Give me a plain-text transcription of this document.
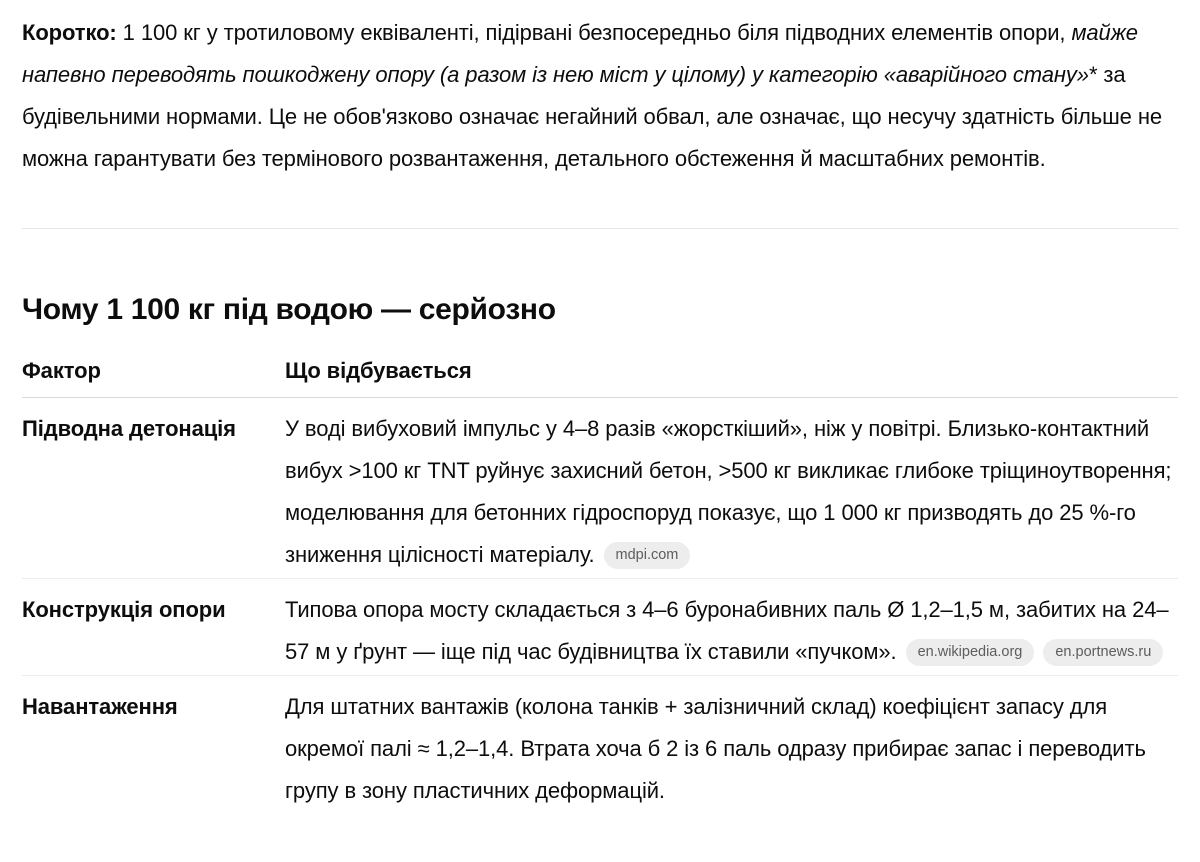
Коротко: 1 100 кг у тротиловому еквіваленті, підірвані безпосередньо біля підводних елементів опори, майже напевно переводять пошкоджену опору (а разом із нею міст у цілому) у категорію «аварійного стану»* за будівельними нормами. Це не обов'язково означає негайний обвал, але означає, що несучу здатність більше не можна гарантувати без термінового розвантаження, детального обстеження й масштабних ремонтів.

Чому 1 100 кг під водою — серйозно
Фактор	Що відбувається
Підводна детонація	У воді вибуховий імпульс у 4–8 разів «жорсткіший», ніж у повітрі. Близько-контактний вибух >100 кг TNT руйнує захисний бетон, >500 кг викликає глибоке тріщиноутворення; моделювання для бетонних гідроспоруд показує, що 1 000 кг призводять до 25 %-го зниження цілісності матеріалу. mdpi.com
Конструкція опори	Типова опора мосту складається з 4–6 буронабивних паль Ø 1,2–1,5 м, забитих на 24–57 м у ґрунт — іще під час будівництва їх ставили «пучком». en.wikipedia.org en.portnews.ru
Навантаження	Для штатних вантажів (колона танків + залізничний склад) коефіцієнт запасу для окремої палі ≈ 1,2–1,4. Втрата хоча б 2 із 6 паль одразу прибирає запас і переводить групу в зону пластичних деформацій.
